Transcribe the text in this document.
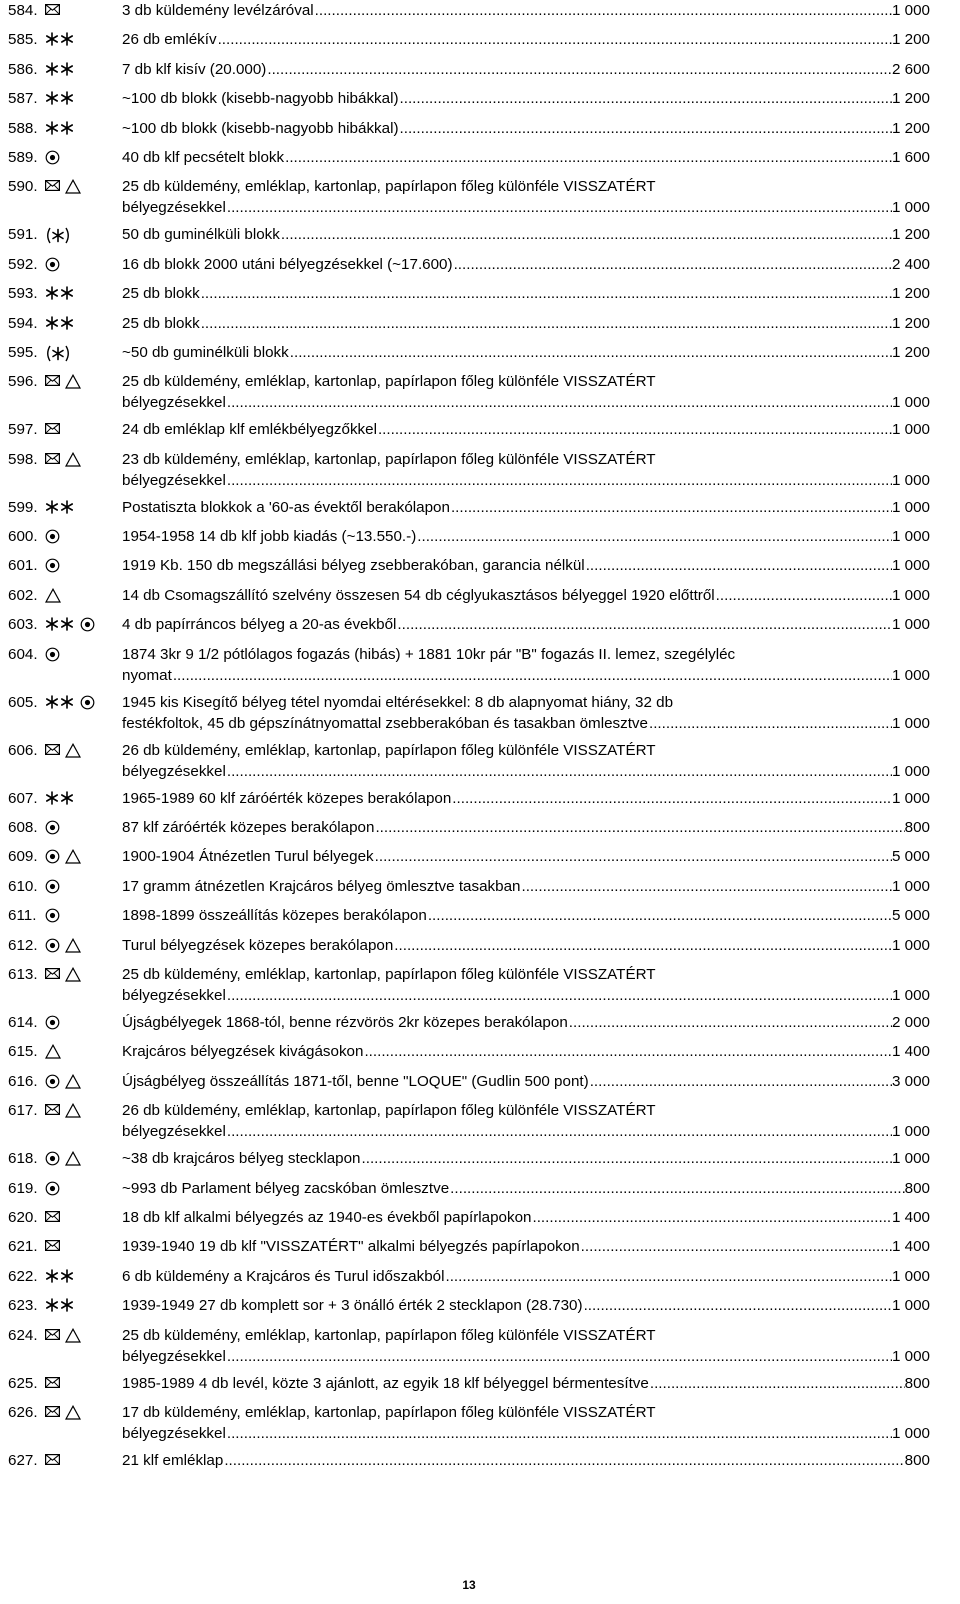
584.	3 db küldemény levélzáróval .....	1 000
585.	26 db emlékív .....	1 200
586.	7 db klf kisív (20.000) .....	2 600
587.	~100 db blokk (kisebb-nagyobb hibákkal) .....	1 200
588.	~100 db blokk (kisebb-nagyobb hibákkal) .....	1 200
589.	40 db klf pecsételt blokk .....	1 600
590.	25 db küldemény, emléklap, kartonlap, papírlapon főleg különféle VISSZATÉRT
bélyegzésekkel .....	1 000
591.	50 db guminélküli blokk .....	1 200
592.	16 db blokk 2000 utáni bélyegzésekkel (~17.600) .....	2 400
593.	25 db blokk .....	1 200
594.	25 db blokk .....	1 200
595.	~50 db guminélküli blokk .....	1 200
596.	25 db küldemény, emléklap, kartonlap, papírlapon főleg különféle VISSZATÉRT
bélyegzésekkel .....	1 000
597.	24 db emléklap klf emlékbélyegzőkkel .....	1 000
598.	23 db küldemény, emléklap, kartonlap, papírlapon főleg különféle VISSZATÉRT
bélyegzésekkel .....	1 000
599.	Postatiszta blokkok a '60-as évektől berakólapon .....	1 000
600.	1954-1958 14 db klf jobb kiadás (~13.550.-) .....	1 000
601.	1919 Kb. 150 db megszállási bélyeg zsebberakóban, garancia nélkül .....	1 000
602.	14 db Csomagszállító szelvény összesen 54 db céglyukasztásos bélyeggel 1920 előttről .....	1 000
603.	4 db papírráncos bélyeg a 20-as évekből .....	1 000
604.	1874 3kr 9 1/2 pótlólagos fogazás (hibás) + 1881 10kr pár "B" fogazás II. lemez, szegélyléc
nyomat .....	1 000
605.	1945 kis Kisegítő bélyeg tétel nyomdai eltérésekkel: 8 db alapnyomat hiány, 32 db
festékfoltok, 45 db gépszínátnyomattal zsebberakóban és tasakban ömlesztve .....	1 000
606.	26 db küldemény, emléklap, kartonlap, papírlapon főleg különféle VISSZATÉRT
bélyegzésekkel .....	1 000
607.	1965-1989 60 klf záróérték közepes berakólapon .....	1 000
608.	87 klf záróérték közepes berakólapon .....	800
609.	1900-1904 Átnézetlen Turul bélyegek .....	5 000
610.	17 gramm átnézetlen Krajcáros bélyeg ömlesztve tasakban .....	1 000
611.	1898-1899 összeállítás közepes berakólapon .....	5 000
612.	Turul bélyegzések közepes berakólapon .....	1 000
613.	25 db küldemény, emléklap, kartonlap, papírlapon főleg különféle VISSZATÉRT
bélyegzésekkel .....	1 000
614.	Újságbélyegek 1868-tól, benne rézvörös 2kr közepes berakólapon .....	2 000
615.	Krajcáros bélyegzések kivágásokon .....	1 400
616.	Újságbélyeg összeállítás 1871-től, benne "LOQUE" (Gudlin 500 pont) .....	3 000
617.	26 db küldemény, emléklap, kartonlap, papírlapon főleg különféle VISSZATÉRT
bélyegzésekkel .....	1 000
618.	~38 db krajcáros bélyeg stecklapon .....	1 000
619.	~993 db Parlament bélyeg zacskóban ömlesztve .....	800
620.	18 db klf alkalmi bélyegzés az 1940-es évekből papírlapokon .....	1 400
621.	1939-1940 19 db klf "VISSZATÉRT" alkalmi bélyegzés papírlapokon .....	1 400
622.	6 db küldemény a Krajcáros és Turul időszakból .....	1 000
623.	1939-1949 27 db komplett sor + 3 önálló érték 2 stecklapon (28.730) .....	1 000
624.	25 db küldemény, emléklap, kartonlap, papírlapon főleg különféle VISSZATÉRT
bélyegzésekkel .....	1 000
625.	1985-1989 4 db levél, közte 3 ajánlott, az egyik 18 klf bélyeggel bérmentesítve .....	800
626.	17 db küldemény, emléklap, kartonlap, papírlapon főleg különféle VISSZATÉRT
bélyegzésekkel .....	1 000
627.	21 klf emléklap .....	800
13
